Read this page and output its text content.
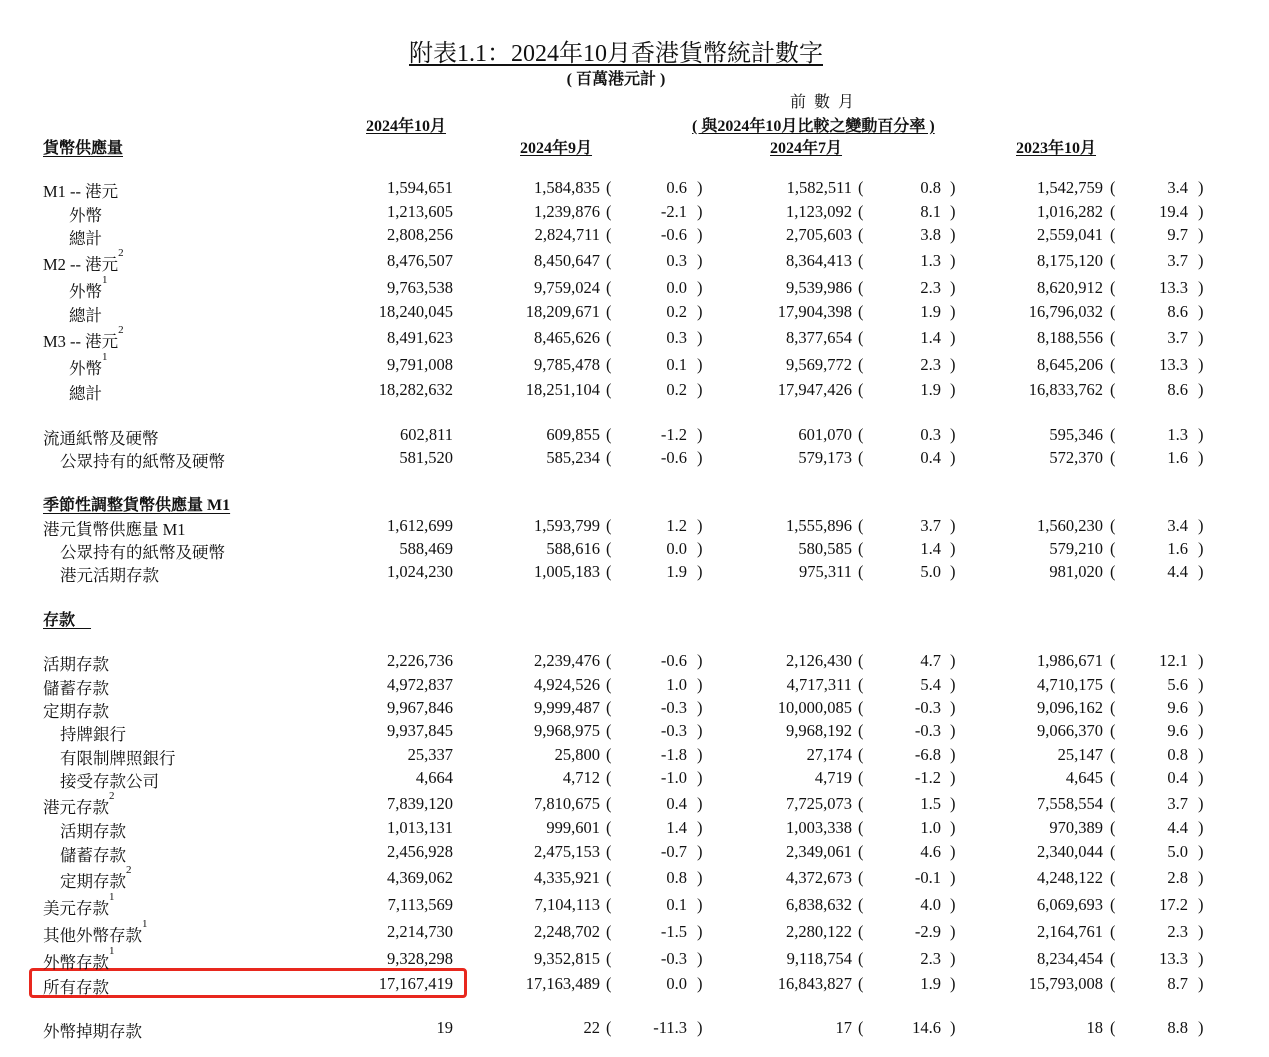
附表1.1：2024年10月香港貨幣統計數字
( 百萬港元計 )
前 數 月
( 與2024年10月比較之變動百分率 )
2024年10月
2024年9月	2024年7月	2023年10月
貨幣供應量
季節性調整貨幣供應量 M1
存款　
M1 -- 港元	1,594,651	1,584,835 (	0.6 )	1,582,511 (	0.8 )	1,542,759 (	3.4 )
外幣	1,213,605	1,239,876 (	-2.1 )	1,123,092 (	8.1 )	1,016,282 (	19.4 )
總計	2,808,256	2,824,711 (	-0.6 )	2,705,603 (	3.8 )	2,559,041 (	9.7 )
M2 -- 港元$^2$	8,476,507	8,450,647 (	0.3 )	8,364,413 (	1.3 )	8,175,120 (	3.7 )
外幣$^1$	9,763,538	9,759,024 (	0.0 )	9,539,986 (	2.3 )	8,620,912 (	13.3 )
總計	18,240,045	18,209,671 (	0.2 )	17,904,398 (	1.9 )	16,796,032 (	8.6 )
M3 -- 港元$^2$	8,491,623	8,465,626 (	0.3 )	8,377,654 (	1.4 )	8,188,556 (	3.7 )
外幣$^1$	9,791,008	9,785,478 (	0.1 )	9,569,772 (	2.3 )	8,645,206 (	13.3 )
總計	18,282,632	18,251,104 (	0.2 )	17,947,426 (	1.9 )	16,833,762 (	8.6 )
流通紙幣及硬幣	602,811	609,855 (	-1.2 )	601,070 (	0.3 )	595,346 (	1.3 )
公眾持有的紙幣及硬幣	581,520	585,234 (	-0.6 )	579,173 (	0.4 )	572,370 (	1.6 )
港元貨幣供應量 M1	1,612,699	1,593,799 (	1.2 )	1,555,896 (	3.7 )	1,560,230 (	3.4 )
公眾持有的紙幣及硬幣	588,469	588,616 (	0.0 )	580,585 (	1.4 )	579,210 (	1.6 )
港元活期存款	1,024,230	1,005,183 (	1.9 )	975,311 (	5.0 )	981,020 (	4.4 )
活期存款	2,226,736	2,239,476 (	-0.6 )	2,126,430 (	4.7 )	1,986,671 (	12.1 )
儲蓄存款	4,972,837	4,924,526 (	1.0 )	4,717,311 (	5.4 )	4,710,175 (	5.6 )
定期存款	9,967,846	9,999,487 (	-0.3 )	10,000,085 (	-0.3 )	9,096,162 (	9.6 )
持牌銀行	9,937,845	9,968,975 (	-0.3 )	9,968,192 (	-0.3 )	9,066,370 (	9.6 )
有限制牌照銀行	25,337	25,800 (	-1.8 )	27,174 (	-6.8 )	25,147 (	0.8 )
接受存款公司	4,664	4,712 (	-1.0 )	4,719 (	-1.2 )	4,645 (	0.4 )
港元存款$^2$	7,839,120	7,810,675 (	0.4 )	7,725,073 (	1.5 )	7,558,554 (	3.7 )
活期存款	1,013,131	999,601 (	1.4 )	1,003,338 (	1.0 )	970,389 (	4.4 )
儲蓄存款	2,456,928	2,475,153 (	-0.7 )	2,349,061 (	4.6 )	2,340,044 (	5.0 )
定期存款$^2$	4,369,062	4,335,921 (	0.8 )	4,372,673 (	-0.1 )	4,248,122 (	2.8 )
美元存款$^1$	7,113,569	7,104,113 (	0.1 )	6,838,632 (	4.0 )	6,069,693 (	17.2 )
其他外幣存款$^1$	2,214,730	2,248,702 (	-1.5 )	2,280,122 (	-2.9 )	2,164,761 (	2.3 )
外幣存款$^1$	9,328,298	9,352,815 (	-0.3 )	9,118,754 (	2.3 )	8,234,454 (	13.3 )
所有存款	17,167,419	17,163,489 (	0.0 )	16,843,827 (	1.9 )	15,793,008 (	8.7 )
外幣掉期存款	19	22 (	-11.3 )	17 (	14.6 )	18 (	8.8 )
